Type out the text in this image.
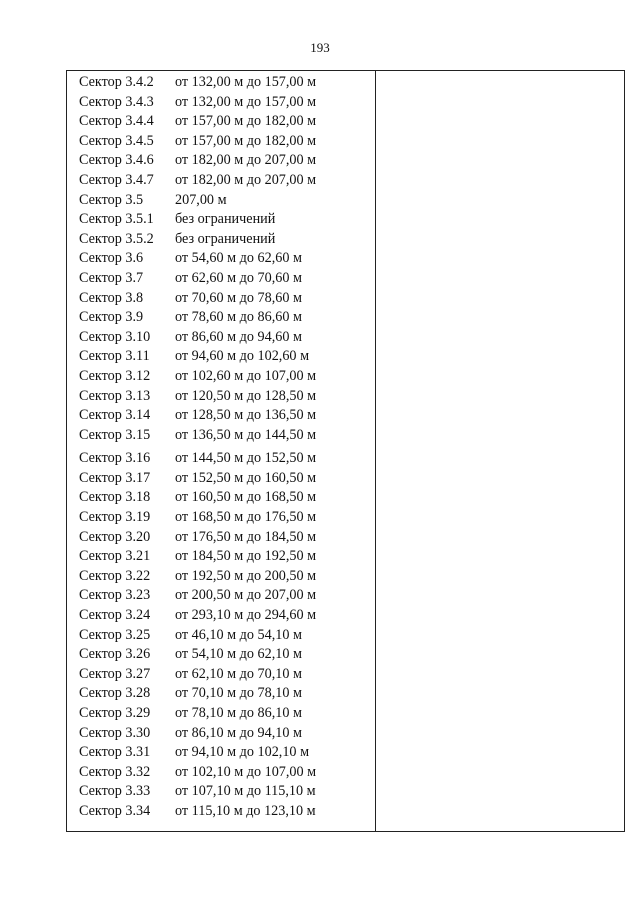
193
Сектор 3.4.2 от 132,00 м до 157,00 м
Сектор 3.4.3 от 132,00 м до 157,00 м
Сектор 3.4.4 от 157,00 м до 182,00 м
Сектор 3.4.5 от 157,00 м до 182,00 м
Сектор 3.4.6 от 182,00 м до 207,00 м
Сектор 3.4.7 от 182,00 м до 207,00 м
Сектор 3.5 207,00 м
Сектор 3.5.1 без ограничений
Сектор 3.5.2 без ограничений
Сектор 3.6 от 54,60 м до 62,60 м
Сектор 3.7 от 62,60 м до 70,60 м
Сектор 3.8 от 70,60 м до 78,60 м
Сектор 3.9 от 78,60 м до 86,60 м
Сектор 3.10 от 86,60 м до 94,60 м
Сектор 3.11 от 94,60 м до 102,60 м
Сектор 3.12 от 102,60 м до 107,00 м
Сектор 3.13 от 120,50 м до 128,50 м
Сектор 3.14 от 128,50 м до 136,50 м
Сектор 3.15 от 136,50 м до 144,50 м
Сектор 3.16 от 144,50 м до 152,50 м
Сектор 3.17 от 152,50 м до 160,50 м
Сектор 3.18 от 160,50 м до 168,50 м
Сектор 3.19 от 168,50 м до 176,50 м
Сектор 3.20 от 176,50 м до 184,50 м
Сектор 3.21 от 184,50 м до 192,50 м
Сектор 3.22 от 192,50 м до 200,50 м
Сектор 3.23 от 200,50 м до 207,00 м
Сектор 3.24 от 293,10 м до 294,60 м
Сектор 3.25 от 46,10 м до 54,10 м
Сектор 3.26 от 54,10 м до 62,10 м
Сектор 3.27 от 62,10 м до 70,10 м
Сектор 3.28 от 70,10 м до 78,10 м
Сектор 3.29 от 78,10 м до 86,10 м
Сектор 3.30 от 86,10 м до 94,10 м
Сектор 3.31 от 94,10 м до 102,10 м
Сектор 3.32 от 102,10 м до 107,00 м
Сектор 3.33 от 107,10 м до 115,10 м
Сектор 3.34 от 115,10 м до 123,10 м
